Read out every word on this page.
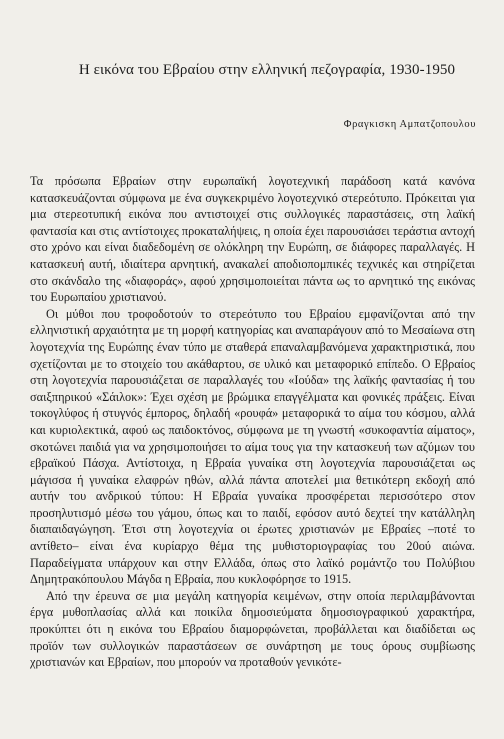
Η εικόνα του Εβραίου στην ελληνική πεζογραφία, 1930-1950
Φραγκισκη Αμπατζοπουλου

Τα πρόσωπα Εβραίων στην ευρωπαϊκή λογοτεχνική παράδοση κατά κανόνα κατασκευάζονται σύμφωνα με ένα συγκεκριμένο λογοτεχνικό στερεότυπο. Πρόκειται για μια στερεοτυπική εικόνα που αντιστοιχεί στις συλλογικές παραστάσεις, στη λαϊκή φαντασία και στις αντίστοιχες προκαταλήψεις, η οποία έχει παρουσιάσει τεράστια αντοχή στο χρόνο και είναι διαδεδομένη σε ολόκληρη την Ευρώπη, σε διάφορες παραλλαγές. Η κατασκευή αυτή, ιδιαίτερα αρνητική, ανακαλεί αποδιοπομπικές τεχνικές και στηρίζεται στο σκάνδαλο της «διαφοράς», αφού χρησιμοποιείται πάντα ως το αρνητικό της εικόνας του Ευρωπαίου χριστιανού.

Οι μύθοι που τροφοδοτούν το στερεότυπο του Εβραίου εμφανίζονται από την ελληνιστική αρχαιότητα με τη μορφή κατηγορίας και αναπαράγουν από το Μεσαίωνα στη λογοτεχνία της Ευρώπης έναν τύπο με σταθερά επαναλαμβανόμενα χαρακτηριστικά, που σχετίζονται με το στοιχείο του ακάθαρτου, σε υλικό και μεταφορικό επίπεδο. Ο Εβραίος στη λογοτεχνία παρουσιάζεται σε παραλλαγές του «Ιούδα» της λαϊκής φαντασίας ή του σαιξπηρικού «Σάιλοκ»: Έχει σχέση με βρώμικα επαγγέλματα και φονικές πράξεις. Είναι τοκογλύφος ή στυγνός έμπορος, δηλαδή «ρουφά» μεταφορικά το αίμα του κόσμου, αλλά και κυριολεκτικά, αφού ως παιδοκτόνος, σύμφωνα με τη γνωστή «συκοφαντία αίματος», σκοτώνει παιδιά για να χρησιμοποιήσει το αίμα τους για την κατασκευή των αζύμων του εβραϊκού Πάσχα. Αντίστοιχα, η Εβραία γυναίκα στη λογοτεχνία παρουσιάζεται ως μάγισσα ή γυναίκα ελαφρών ηθών, αλλά πάντα αποτελεί μια θετικότερη εκδοχή από αυτήν του ανδρικού τύπου: Η Εβραία γυναίκα προσφέρεται περισσότερο στον προσηλυτισμό μέσω του γάμου, όπως και το παιδί, εφόσον αυτό δεχτεί την κατάλληλη διαπαιδαγώγηση. Έτσι στη λογοτεχνία οι έρωτες χριστιανών με Εβραίες –ποτέ το αντίθετο– είναι ένα κυρίαρχο θέμα της μυθιστοριογραφίας του 20ού αιώνα. Παραδείγματα υπάρχουν και στην Ελλάδα, όπως στο λαϊκό ρομάντζο του Πολύβιου Δημητρακόπουλου Μάγδα η Εβραία, που κυκλοφόρησε το 1915.

Από την έρευνα σε μια μεγάλη κατηγορία κειμένων, στην οποία περιλαμβάνονται έργα μυθοπλασίας αλλά και ποικίλα δημοσιεύματα δημοσιογραφικού χαρακτήρα, προκύπτει ότι η εικόνα του Εβραίου διαμορφώνεται, προβάλλεται και διαδίδεται ως προϊόν των συλλογικών παραστάσεων σε συνάρτηση με τους όρους συμβίωσης χριστιανών και Εβραίων, που μπορούν να προταθούν γενικότε-
